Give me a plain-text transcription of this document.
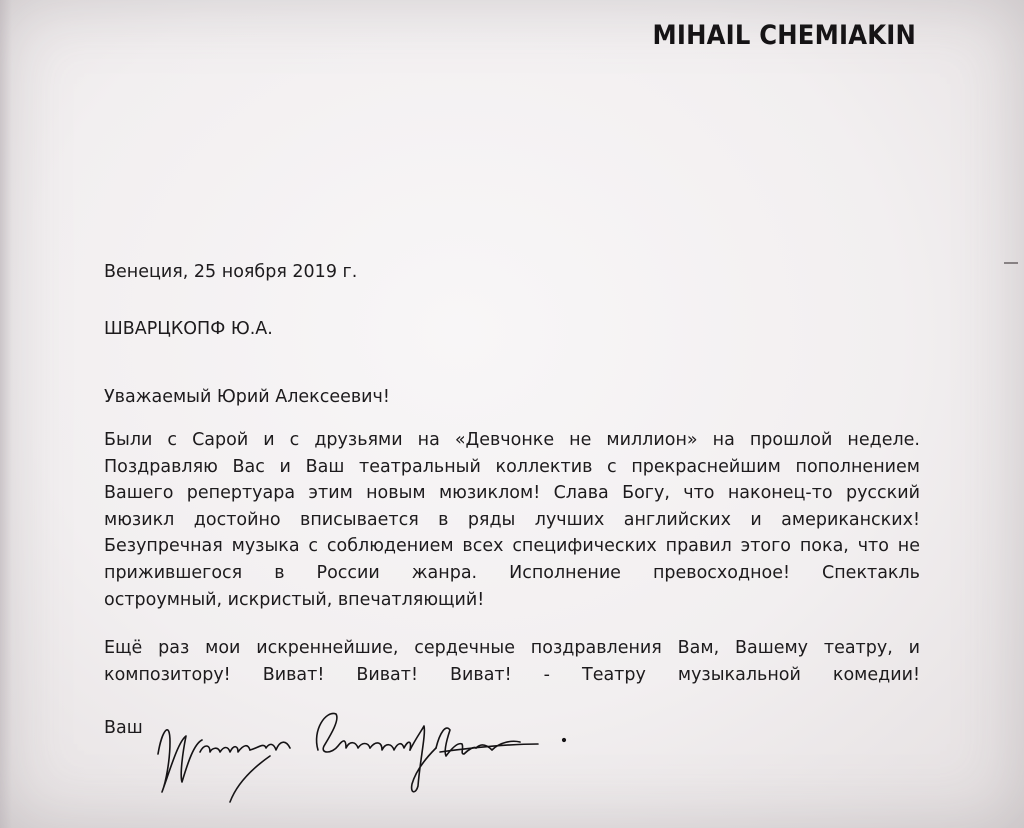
MIHAIL CHEMIAKIN
Венеция, 25 ноября 2019 г.
ШВАРЦКОПФ Ю.А.
Уважаемый Юрий Алексеевич!
Были с Сарой и с друзьями на «Девчонке не миллион» на прошлой неделе.
Поздравляю Вас и Ваш театральный коллектив с прекраснейшим пополнением
Вашего репертуара этим новым мюзиклом! Слава Богу, что наконец-то русский
мюзикл достойно вписывается в ряды лучших английских и американских!
Безупречная музыка с соблюдением всех специфических правил этого пока, что не
прижившегося в России жанра. Исполнение превосходное! Спектакль
остроумный, искристый, впечатляющий!
Ещё раз мои искреннейшие, сердечные поздравления Вам, Вашему театру, и
композитору! Виват! Виват! Виват! - Театру музыкальной комедии!
Ваш
